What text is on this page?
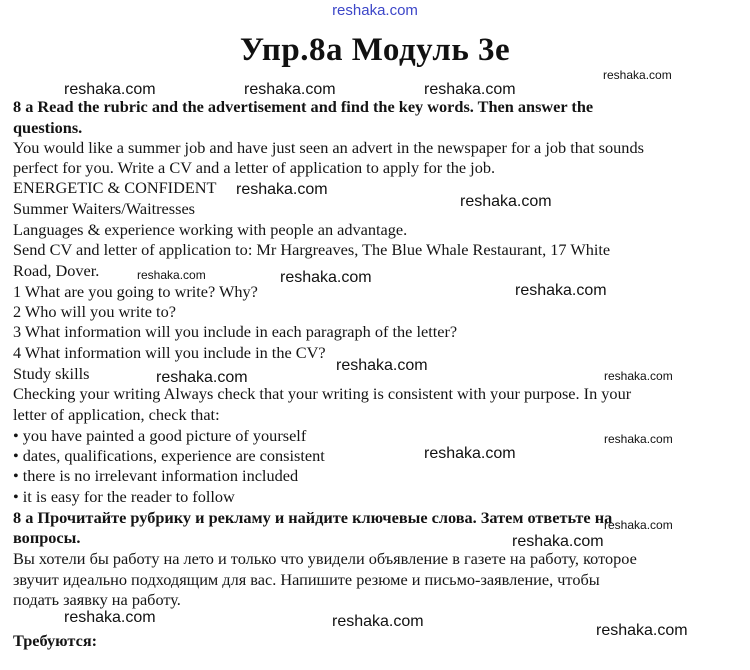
reshaka.com
Упр.8a Модуль 3e
8 a Read the rubric and the advertisement and find the key words. Then answer the
questions.
You would like a summer job and have just seen an advert in the newspaper for a job that sounds
perfect for you. Write a CV and a letter of application to apply for the job.
ENERGETIC & CONFIDENT
Summer Waiters/Waitresses
Languages & experience working with people an advantage.
Send CV and letter of application to: Mr Hargreaves, The Blue Whale Restaurant, 17 White
Road, Dover.
1 What are you going to write? Why?
2 Who will you write to?
3 What information will you include in each paragraph of the letter?
4 What information will you include in the CV?
Study skills
Checking your writing Always check that your writing is consistent with your purpose. In your
letter of application, check that:
• you have painted a good picture of yourself
• dates, qualifications, experience are consistent
• there is no irrelevant information included
• it is easy for the reader to follow
8 а Прочитайте рубрику и рекламу и найдите ключевые слова. Затем ответьте на
вопросы.
Вы хотели бы работу на лето и только что увидели объявление в газете на работу, которое
звучит идеально подходящим для вас. Напишите резюме и письмо-заявление, чтобы
подать заявку на работу.
Требуются:
reshaka.com	reshaka.com	reshaka.com
reshaka.com
reshaka.com
reshaka.com
reshaka.com	reshaka.com
reshaka.com
reshaka.com
reshaka.com	reshaka.com
reshaka.com
reshaka.com
reshaka.com
reshaka.com
reshaka.com	reshaka.com
reshaka.com
